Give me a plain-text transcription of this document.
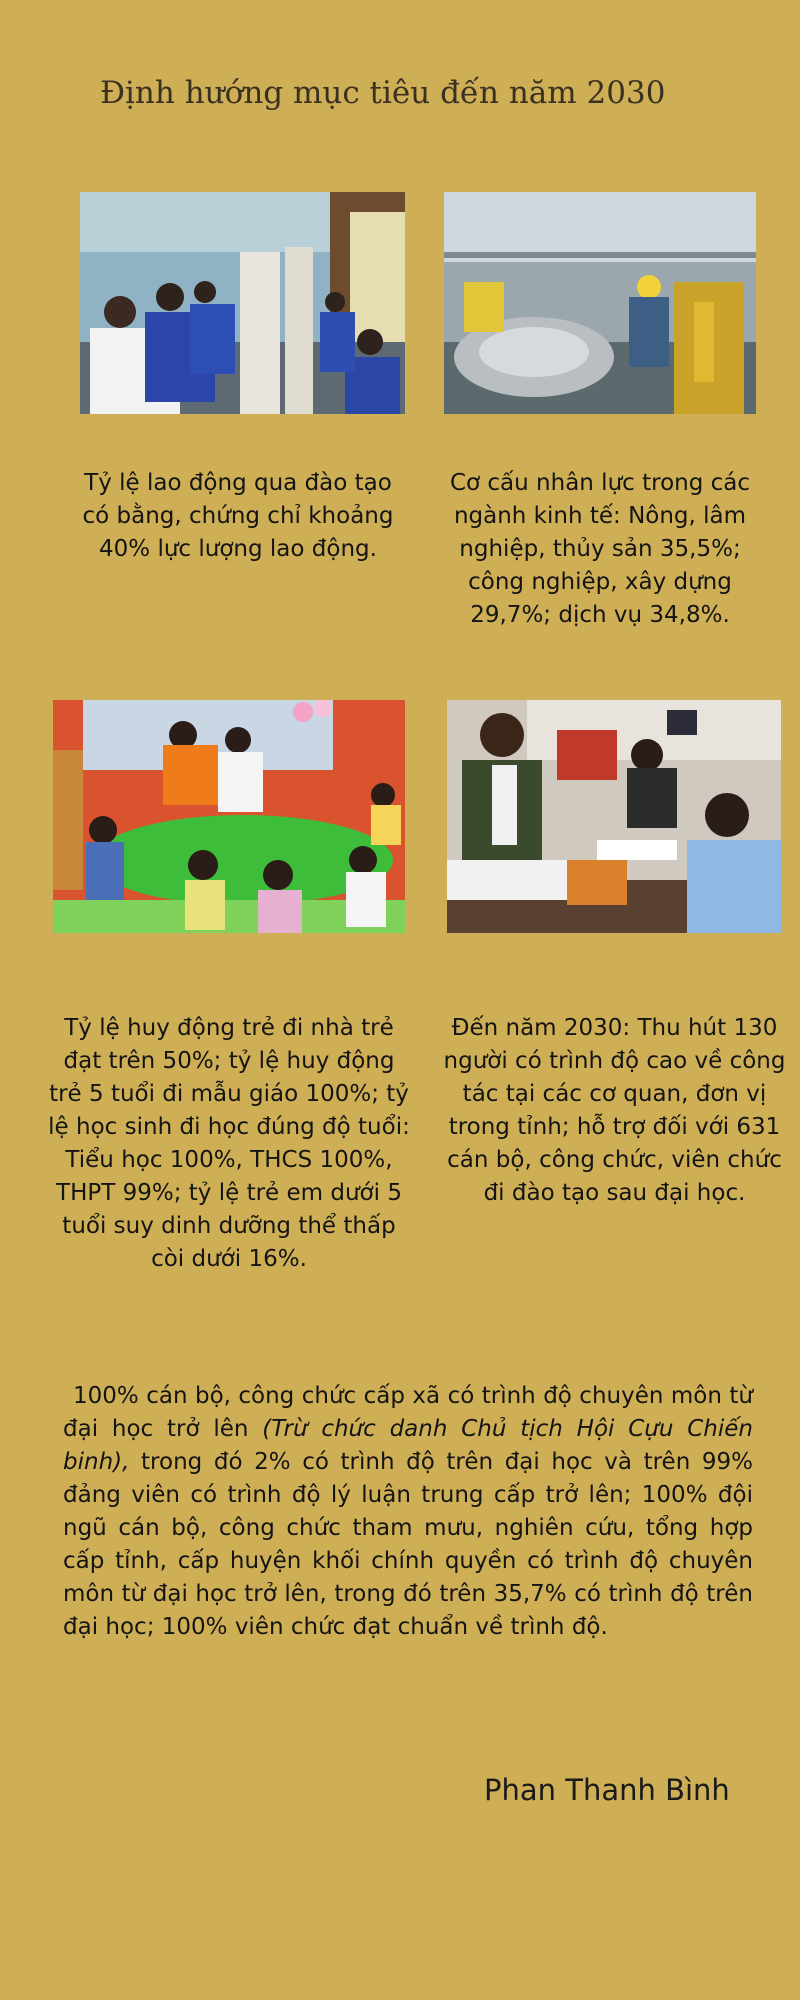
Định hướng mục tiêu đến năm 2030
Tỷ lệ lao động qua đào tạo có bằng, chứng chỉ khoảng 40% lực lượng lao động.
Cơ cấu nhân lực trong các ngành kinh tế: Nông, lâm nghiệp, thủy sản 35,5%; công nghiệp, xây dựng 29,7%; dịch vụ 34,8%.
Tỷ lệ huy động trẻ đi nhà trẻ đạt trên 50%; tỷ lệ huy động trẻ 5 tuổi đi mẫu giáo 100%; tỷ lệ học sinh đi học đúng độ tuổi: Tiểu học 100%, THCS 100%, THPT 99%; tỷ lệ trẻ em dưới 5 tuổi suy dinh dưỡng thể thấp còi dưới 16%.
Đến năm 2030: Thu hút 130 người có trình độ cao về công tác tại các cơ quan, đơn vị trong tỉnh; hỗ trợ đối với 631 cán bộ, công chức, viên chức đi đào tạo sau đại học.
100% cán bộ, công chức cấp xã có trình độ chuyên môn từ đại học trở lên (Trừ chức danh Chủ tịch Hội Cựu Chiến binh), trong đó 2% có trình độ trên đại học và trên 99% đảng viên có trình độ lý luận trung cấp trở lên; 100% đội ngũ cán bộ, công chức tham mưu, nghiên cứu, tổng hợp cấp tỉnh, cấp huyện khối chính quyền có trình độ chuyên môn từ đại học trở lên, trong đó trên 35,7% có trình độ trên đại học; 100% viên chức đạt chuẩn về trình độ.
Phan Thanh Bình
